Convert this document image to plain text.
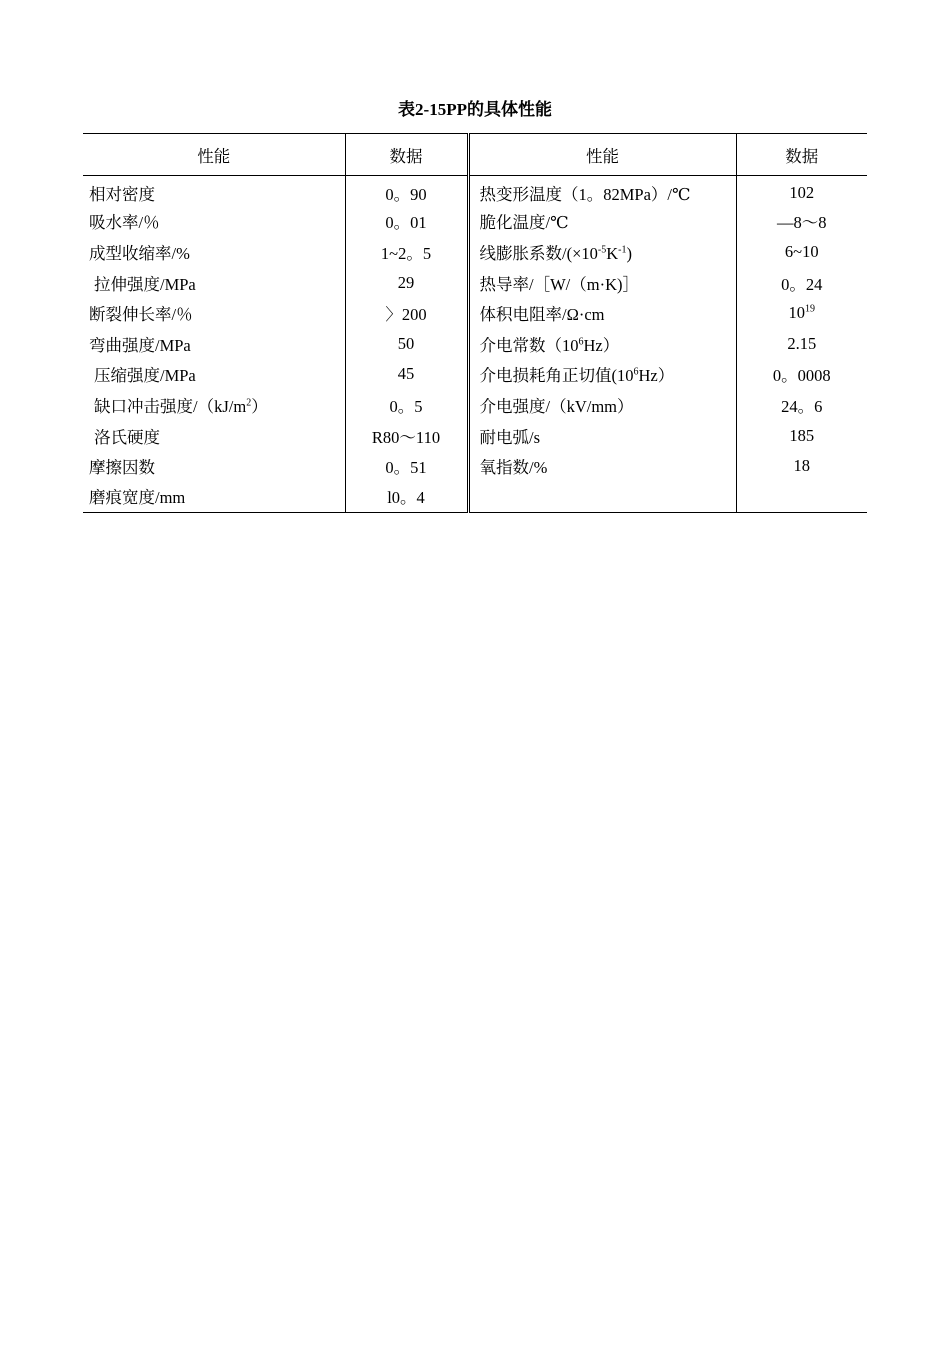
表2-15PP的具体性能
性能	数据	性能	数据
相对密度	0。90	热变形温度（1。82MPa）/℃	102
吸水率/％	0。01	脆化温度/℃	—8～8
成型收缩率/%	1~2。5	线膨胀系数$/(\times 10^{-5}K^{-1})$	6~10
拉伸强度/MPa	29	热导率/［W/（m·K)］	0。24
断裂伸长率/％	〉200	体积电阻率/Ω·cm	$10^{19}$
弯曲强度/MPa	50	介电常数$(10^6Hz)$	2.15
压缩强度/MPa	45	介电损耗角正切值$(10^6Hz)$	0。0008
缺口冲击强度$/(kJ/m^2)$	0。5	介电强度/（kV/mm）	24。6
洛氏硬度	R80～110	耐电弧/s	185
摩擦因数	0。51	氧指数/%	18
磨痕宽度/mm	l0。4		
